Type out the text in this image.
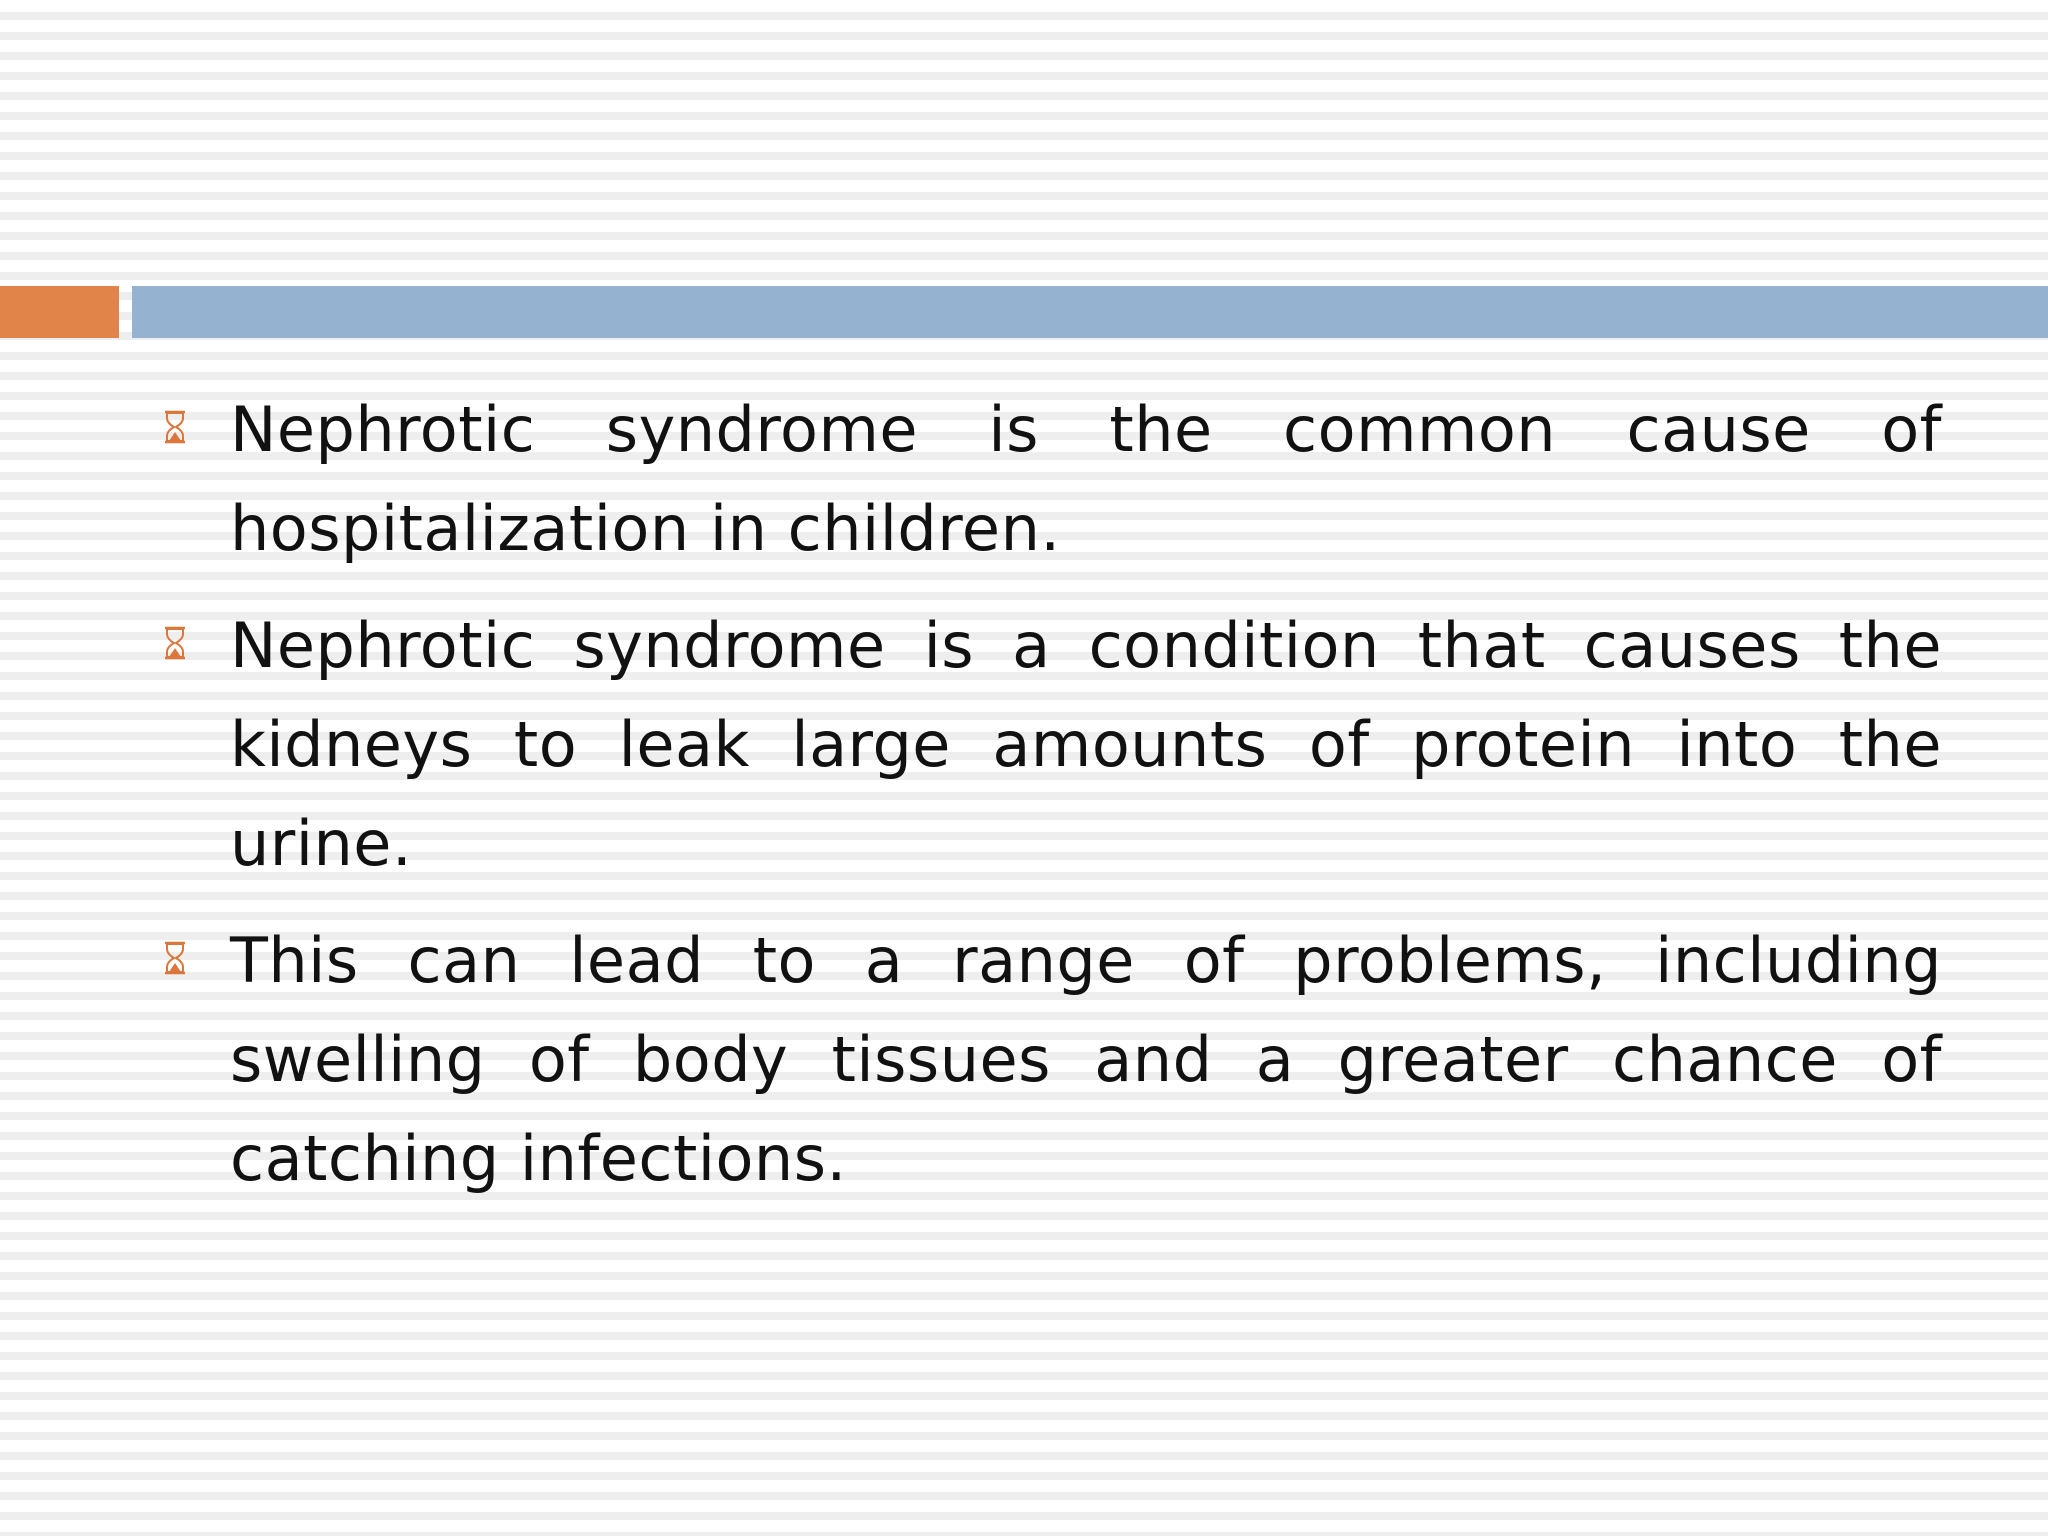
Nephrotic syndrome is the common cause of hospitalization in children.
Nephrotic syndrome is a condition that causes the kidneys to leak large amounts of protein into the urine.
This can lead to a range of problems, including swelling of body tissues and a greater chance of catching infections.
